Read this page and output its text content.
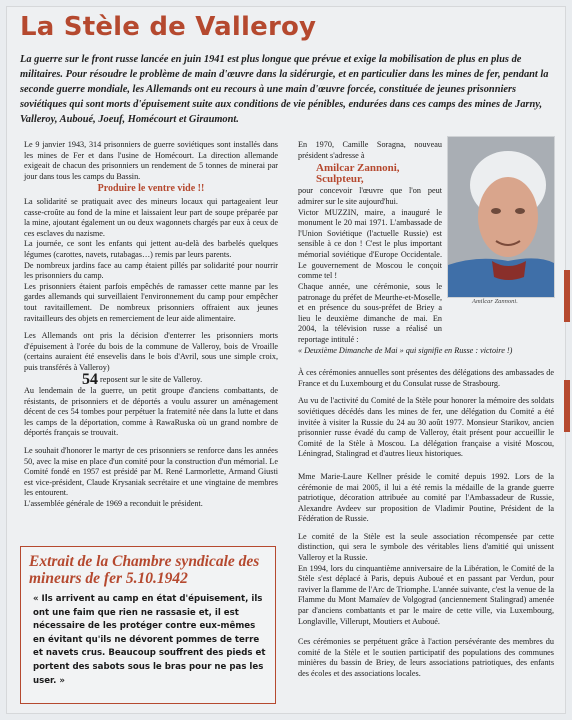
La Stèle de Valleroy

La guerre sur le front russe lancée en juin 1941 est plus longue que prévue et exige la mobilisation de plus en plus de militaires. Pour résoudre le problème de main d'œuvre dans la sidérurgie, et en particulier dans les mines de fer, pendant la seconde guerre mondiale, les Allemands ont eu recours à une main d'œuvre forcée, constituée de jeunes prisonniers soviétiques qui sont morts d'épuisement suite aux conditions de vie pénibles, endurées dans ces camps des mines de Jarny, Valleroy, Auboué, Joeuf, Homécourt et Giraumont.

Le 9 janvier 1943, 314 prisonniers de guerre soviétiques sont installés dans les mines de Fer et dans l'usine de Homécourt. La direction allemande exigeait de chacun des prisonniers un rendement de 5 tonnes de minerai par jour dans tous les camps du Bassin.

Produire le ventre vide !!

La solidarité se pratiquait avec des mineurs locaux qui partageaient leur casse-croûte au fond de la mine et laissaient leur part de soupe préparée par la mine, ajoutant également un ou deux wagonnets chargés par eux à ceux de ces esclaves du nazisme.

La journée, ce sont les enfants qui jettent au-delà des barbelés quelques légumes (carottes, navets, rutabagas…) remis par leurs parents.

De nombreux jardins face au camp étaient pillés par solidarité pour nourrir les prisonniers du camp.

Les prisonniers étaient parfois empêchés de ramasser cette manne par les gardes allemands qui surveillaient l'environnement du camp pour empêcher tout ravitaillement. De nombreux prisonniers offraient aux jeunes ravitailleurs des objets en remerciement de leur aide alimentaire.

Les Allemands ont pris la décision d'enterrer les prisonniers morts d'épuisement à l'orée du bois de la commune de Valleroy, bois de Vroaille (certains auraient été ensevelis dans le bois d'Avril, sous une simple croix, puis transférés à Valleroy)

54 reposent sur le site de Valleroy.

Au lendemain de la guerre, un petit groupe d'anciens combattants, de résistants, de prisonniers et de déportés a voulu assurer un aménagement décent de ces 54 tombes pour perpétuer la fraternité née dans la lutte et dans les camps de la déportation, comme à RawaRuska où un grand nombre de déportés français se trouvait.

Le souhait d'honorer le martyr de ces prisonniers se renforce dans les années 50, avec la mise en place d'un comité pour la construction d'un mémorial. Le Comité fondé en 1957 est présidé par M. René Larmorlette, Armand Giusti est vice-président, Claude Krysaniak secrétaire et une vingtaine de membres les entourent.

L'assemblée générale de 1969 a reconduit le président.

Extrait de la Chambre syndicale des mineurs de fer 5.10.1942

« Ils arrivent au camp en état d'épuisement, ils ont une faim que rien ne rassasie et, il est nécessaire de les protéger contre eux-mêmes en évitant qu'ils ne dévorent pommes de terre et navets crus. Beaucoup souffrent des pieds et portent des sabots sous le bras pour ne pas les user. »

En 1970, Camille Soragna, nouveau président s'adresse à

Amilcar Zannoni, Sculpteur,

pour concevoir l'œuvre que l'on peut admirer sur le site aujourd'hui.

Victor MUZZIN, maire, a inauguré le monument le 20 mai 1971. L'ambassade de l'Union Soviétique (l'actuelle Russie) est sensible à ce don ! C'est le plus important mémorial soviétique d'Europe Occidentale. Le gouvernement de Moscou le conçoit comme tel !

Amilcar Zannoni.

Chaque année, une cérémonie, sous le patronage du préfet de Meurthe-et-Moselle, et en présence du sous-préfet de Briey a lieu le deuxième dimanche de mai. En 2004, la télévision russe a réalisé un reportage intitulé :

« Deuxième Dimanche de Mai » qui signifie en Russe : victoire !)

À ces cérémonies annuelles sont présentes des délégations des ambassades de France et du Luxembourg et du Consulat russe de Strasbourg.

Au vu de l'activité du Comité de la Stèle pour honorer la mémoire des soldats soviétiques décédés dans les mines de fer, une délégation du Comité a été invitée à visiter la Russie du 24 au 30 août 1977. Monsieur Starikov, ancien prisonnier russe évadé du camp de Valleroy, était présent pour accueillir le Comité de la Stèle à Moscou. La délégation française a visité Moscou, Léningrad, Stalingrad et d'autres lieux historiques.

Mme Marie-Laure Kellner préside le comité depuis 1992. Lors de la cérémonie de mai 2005, il lui a été remis la médaille de la grande guerre patriotique, décoration attribuée au comité par l'Ambassadeur de Russie, Alexandre Avdeev sur proposition de Vladimir Poutine, Président de la Fédération de Russie.

Le comité de la Stèle est la seule association récompensée par cette distinction, qui sera le symbole des véritables liens d'amitié qui unissent Valleroy et la Russie.

En 1994, lors du cinquantième anniversaire de la Libération, le Comité de la Stèle s'est déplacé à Paris, depuis Auboué et en passant par Verdun, pour raviver la flamme de l'Arc de Triomphe. L'année suivante, c'est la venue de la Flamme du Mont Mamaïev de Volgograd (anciennement Stalingrad) amenée par d'anciens combattants et par le maire de cette ville, via Luxembourg, Longlaville, Villerupt, Moutiers et Auboué.

Ces cérémonies se perpétuent grâce à l'action persévérante des membres du comité de la Stèle et le soutien participatif des populations des communes minières du bassin de Briey, de leurs associations patriotiques, des enfants des écoles et des associations locales.
